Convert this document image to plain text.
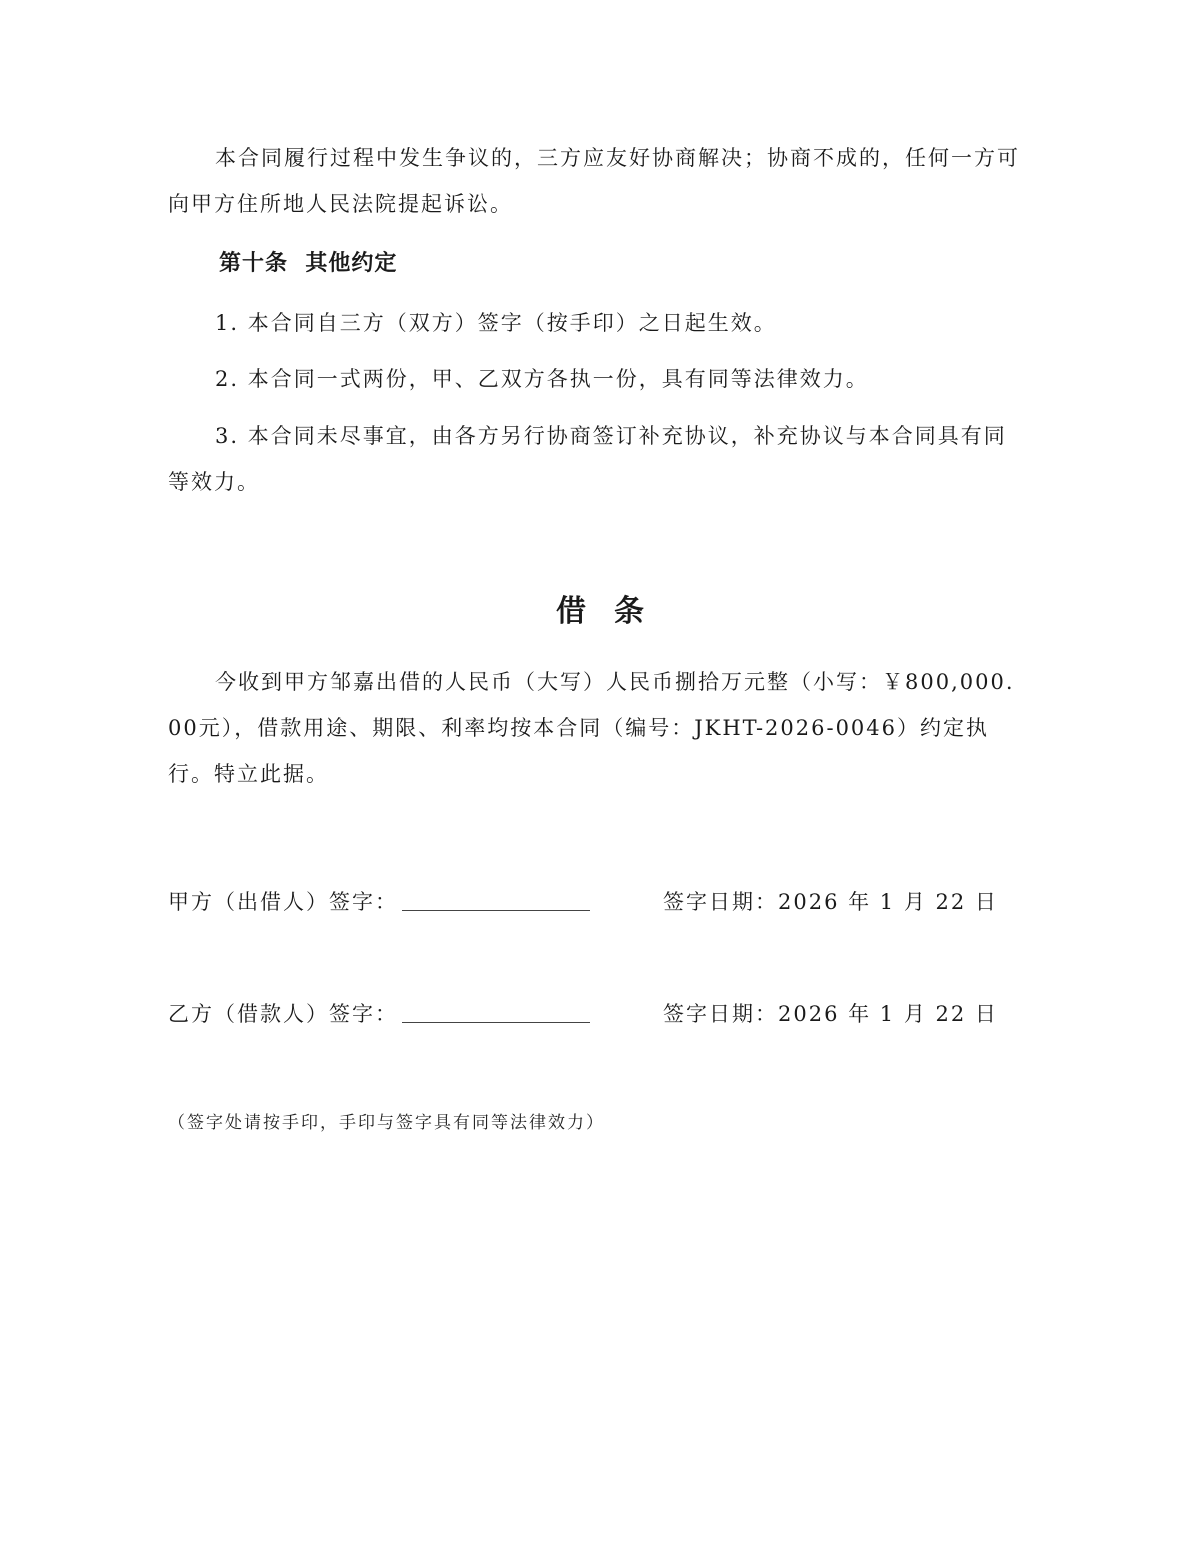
本合同履行过程中发生争议的，三方应友好协商解决；协商不成的，任何一方可向甲方住所地人民法院提起诉讼。

第十条  其他约定

1. 本合同自三方（双方）签字（按手印）之日起生效。

2. 本合同一式两份，甲、乙双方各执一份，具有同等法律效力。

3. 本合同未尽事宜，由各方另行协商签订补充协议，补充协议与本合同具有同等效力。

借条

今收到甲方邹嘉出借的人民币（大写）人民币捌拾万元整（小写：￥800,000.00元），借款用途、期限、利率均按本合同（编号：JKHT-2026-0046）约定执行。特立此据。

甲方（出借人）签字：	签字日期：2026 年 1 月 22 日

乙方（借款人）签字：	签字日期：2026 年 1 月 22 日

（签字处请按手印，手印与签字具有同等法律效力）
